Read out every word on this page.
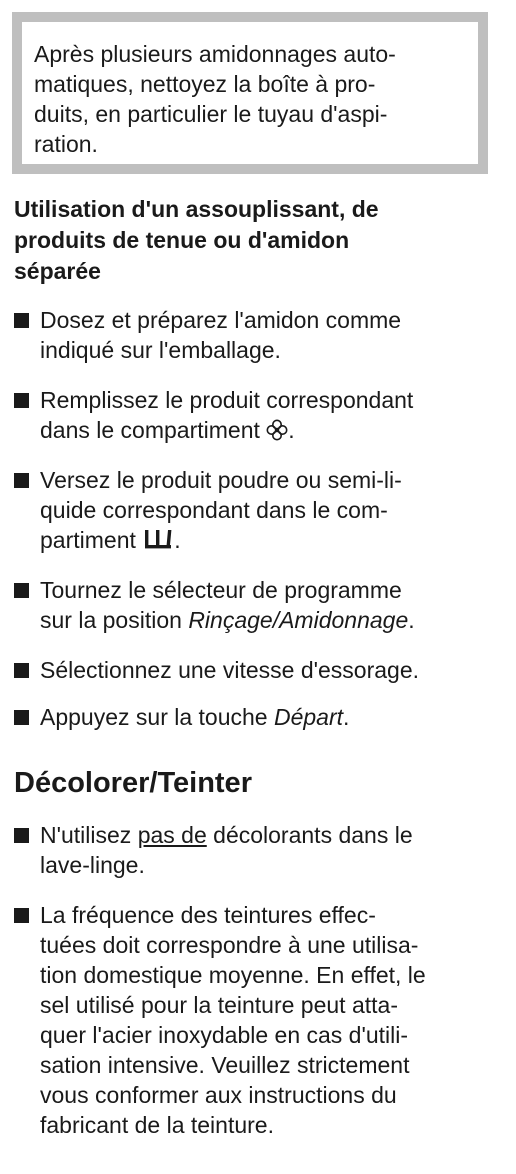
Après plusieurs amidonnages auto-
matiques, nettoyez la boîte à pro-
duits, en particulier le tuyau d'aspi-
ration.
Utilisation d'un assouplissant, de
produits de tenue ou d'amidon
séparée
Dosez et préparez l'amidon comme
indiqué sur l'emballage.
Remplissez le produit correspondant
dans le compartiment .
Versez le produit poudre ou semi-li-
quide correspondant dans le com-
partiment .
Tournez le sélecteur de programme
sur la position Rinçage/Amidonnage.
Sélectionnez une vitesse d'essorage.
Appuyez sur la touche Départ.
Décolorer/Teinter
N'utilisez pas de décolorants dans le
lave-linge.
La fréquence des teintures effec-
tuées doit correspondre à une utilisa-
tion domestique moyenne. En effet, le
sel utilisé pour la teinture peut atta-
quer l'acier inoxydable en cas d'utili-
sation intensive. Veuillez strictement
vous conformer aux instructions du
fabricant de la teinture.
